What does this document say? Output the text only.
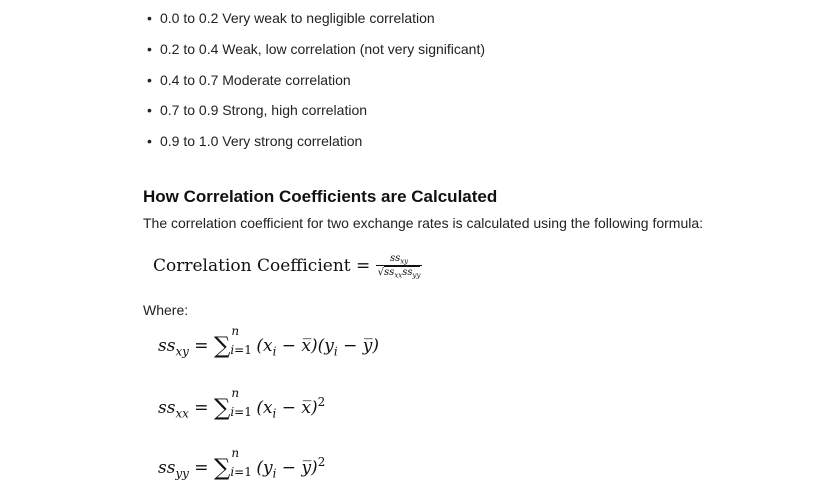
• 0.0 to 0.2 Very weak to negligible correlation
• 0.2 to 0.4 Weak, low correlation (not very significant)
• 0.4 to 0.7 Moderate correlation
• 0.7 to 0.9 Strong, high correlation
• 0.9 to 1.0 Very strong correlation
How Correlation Coefficients are Calculated

The correlation coefficient for two exchange rates is calculated using the following formula:

Correlation Coefficient = $\frac{ss_{xy}}{√ss_{xx}ss_{yy}}$

Where:

$ss_{xy}$ = ∑
n
i=1 ($x_i$ − $x̅)(y_i$ − y̅)
$ss_{xx}$ = ∑
n
i=1 ($x_i$ − x̅)$^2$
$ss_{yy}$ = ∑
n
i=1 ($y_i$ − y̅)$^2$
